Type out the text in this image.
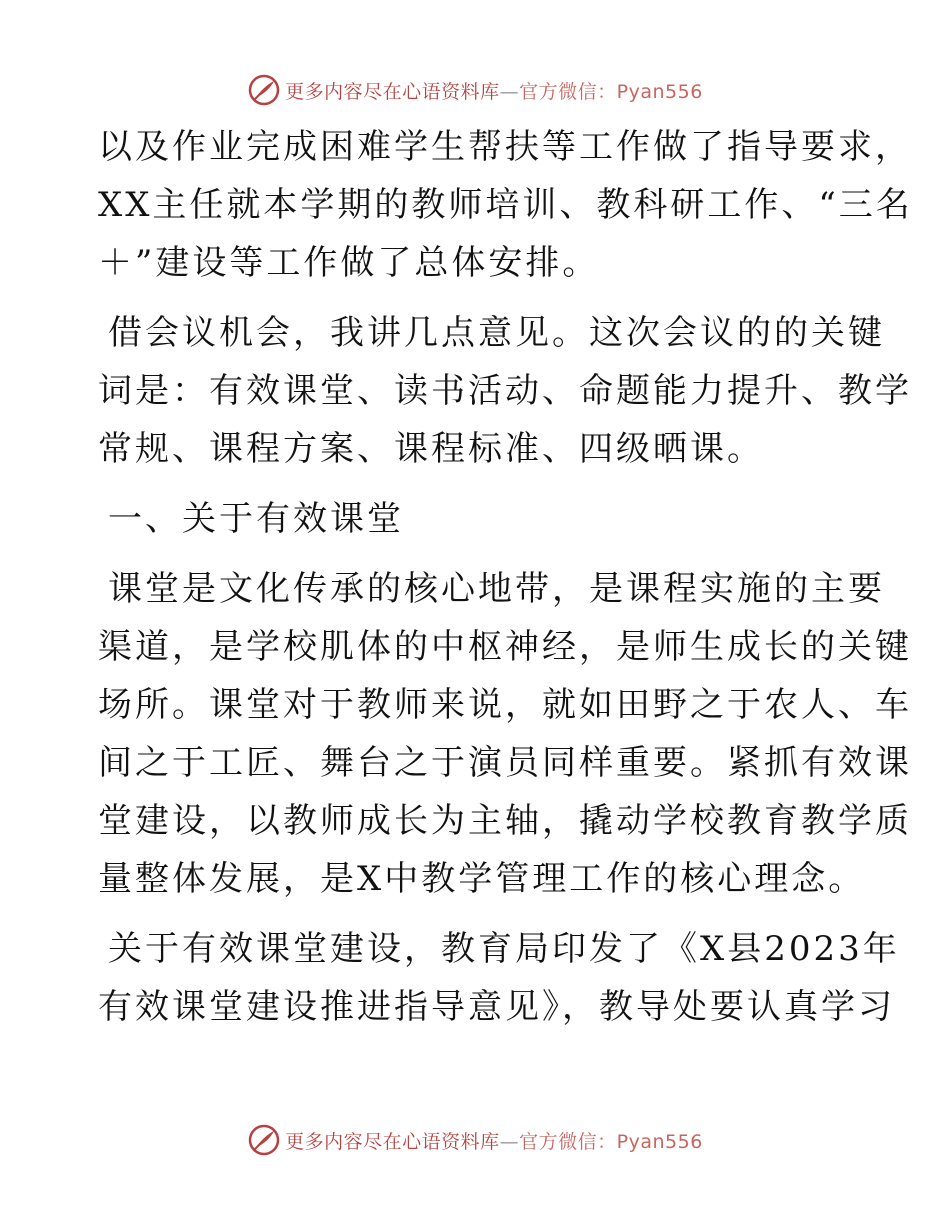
更多内容尽在心语资料库—官方微信：Pyan556

以及作业完成困难学生帮扶等工作做了指导要求，
XX主任就本学期的教师培训、教科研工作、“三名
＋”建设等工作做了总体安排。

借会议机会，我讲几点意见。这次会议的的关键
词是：有效课堂、读书活动、命题能力提升、教学
常规、课程方案、课程标准、四级晒课。

一、关于有效课堂

课堂是文化传承的核心地带，是课程实施的主要
渠道，是学校肌体的中枢神经，是师生成长的关键
场所。课堂对于教师来说，就如田野之于农人、车
间之于工匠、舞台之于演员同样重要。紧抓有效课
堂建设，以教师成长为主轴，撬动学校教育教学质
量整体发展，是X中教学管理工作的核心理念。

关于有效课堂建设，教育局印发了《X县2023年
有效课堂建设推进指导意见》，教导处要认真学习

更多内容尽在心语资料库—官方微信：Pyan556
